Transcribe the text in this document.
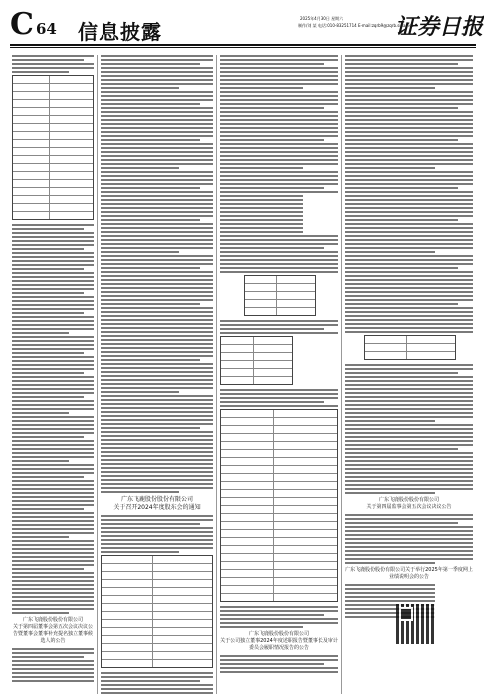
C 64 信息披露
2025年4月30日 星期六
制作/刘 某 电话:010-83251714 E-mail:zqrb9@zqrb.sina.net
证券日报
广东飞鹿股份股份有限公司
关于第四届董事会第五次会议决议公告暨董事会董事补充提名独立董事候选人的公告
广东飞鹿股份股份有限公司
关于召开2024年度股东会的通知
广东飞鹿股份股份有限公司
关于公司独立董事2024年度述职报告暨董事长及审计委员会履职情况报告的公告
广东飞鹿股份股份有限公司
关于第四届监事会第五次会议决议公告
广东飞鹿股份股份有限公司关于举行2025年第一季度网上业绩说明会的公告
